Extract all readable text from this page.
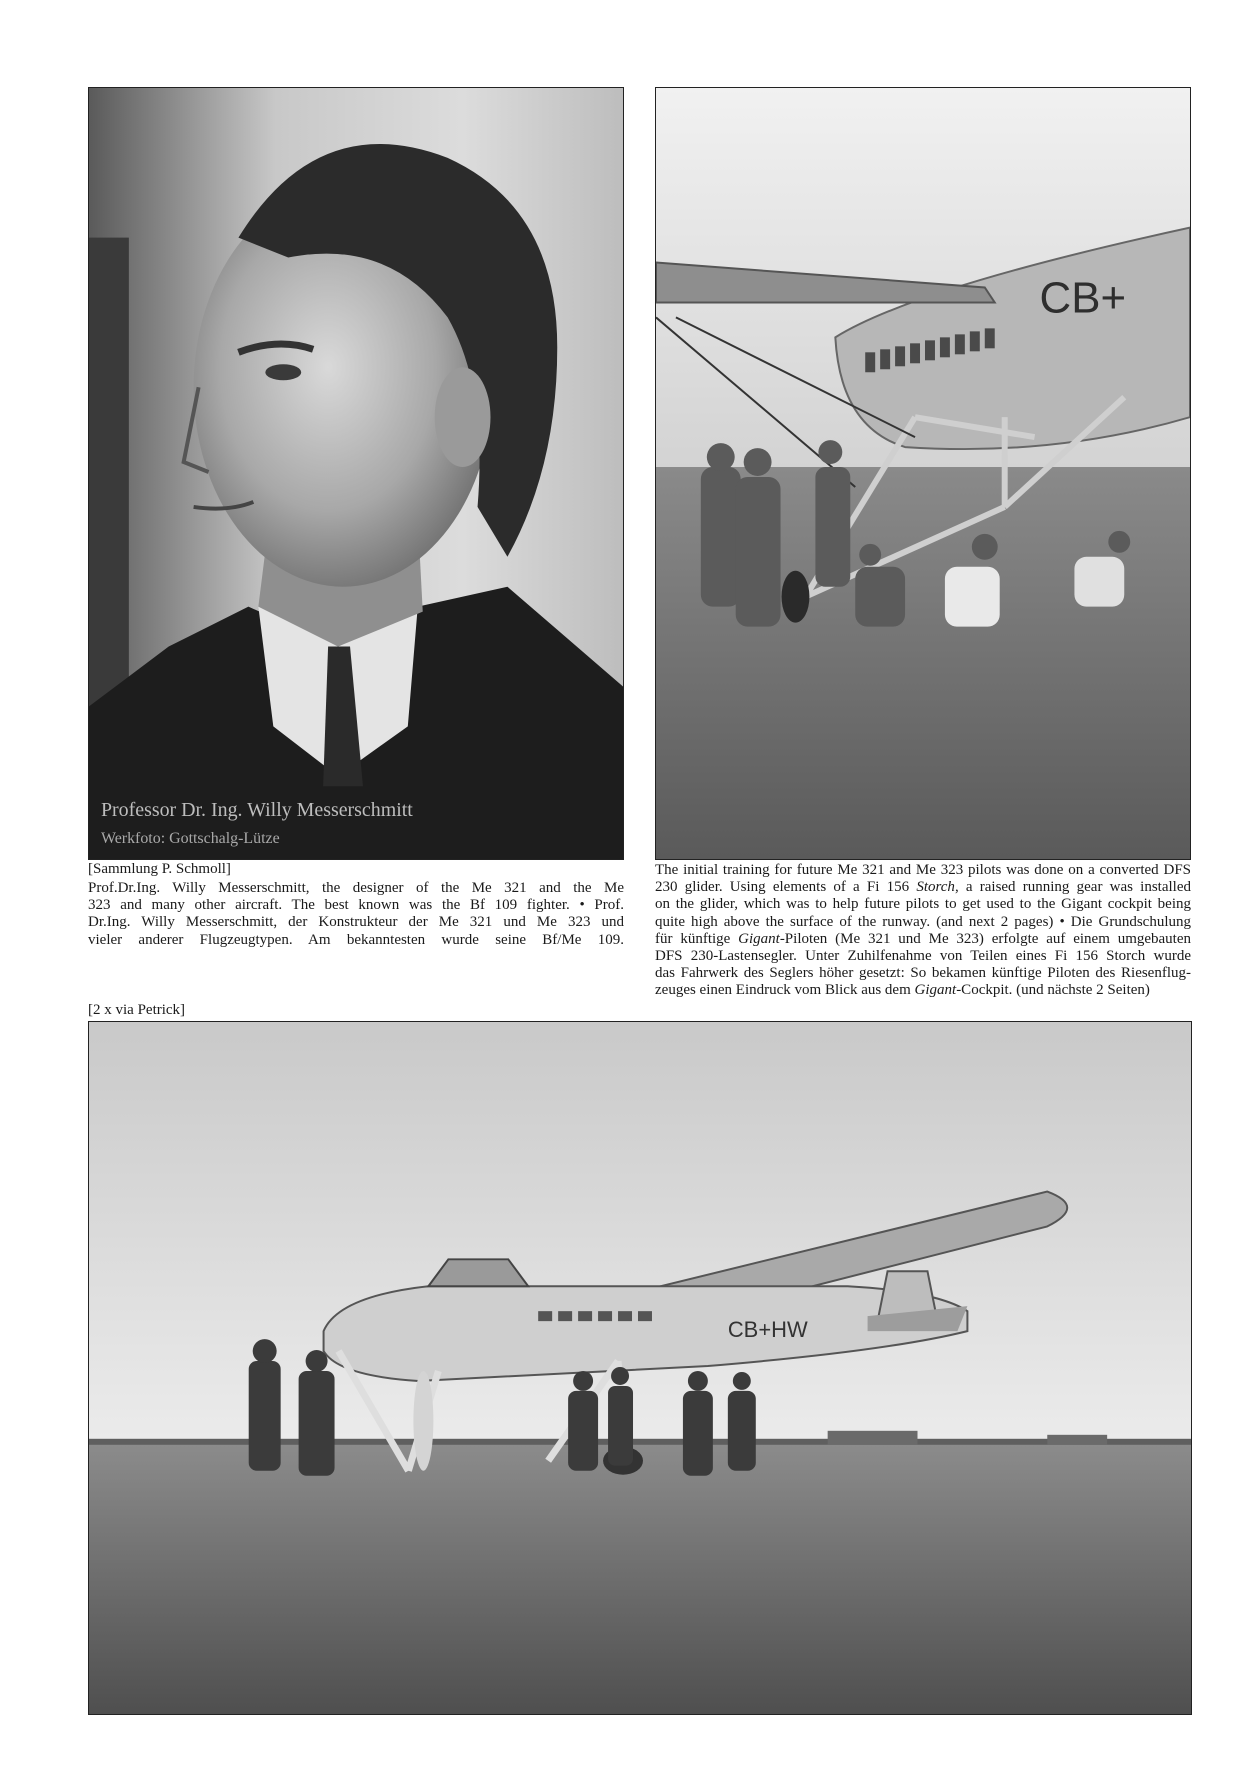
Professor Dr. Ing. Willy Messerschmitt
Werkfoto: Gottschalg-Lütze
CB+
[Sammlung P. Schmoll]
[2 x via Petrick]
Prof.Dr.Ing. Willy Messerschmitt, the designer of the Me 321 and the Me
323 and many other aircraft. The best known was the Bf 109 fighter. • Prof.
Dr.Ing. Willy Messerschmitt, der Konstrukteur der Me 321 und Me 323 und
vieler anderer Flugzeugtypen. Am bekanntesten wurde seine Bf/Me 109.
The initial training for future Me 321 and Me 323 pilots was done on a converted DFS
230 glider. Using elements of a Fi 156 Storch, a raised running gear was installed
on the glider, which was to help future pilots to get used to the Gigant cockpit being
quite high above the surface of the runway. (and next 2 pages) • Die Grundschulung
für künftige Gigant-Piloten (Me 321 und Me 323) erfolgte auf einem umgebauten
DFS 230-Lastensegler. Unter Zuhilfenahme von Teilen eines Fi 156 Storch wurde
das Fahrwerk des Seglers höher gesetzt: So bekamen künftige Piloten des Riesenflug-
zeuges einen Eindruck vom Blick aus dem Gigant-Cockpit. (und nächste 2 Seiten)
CB+HW
